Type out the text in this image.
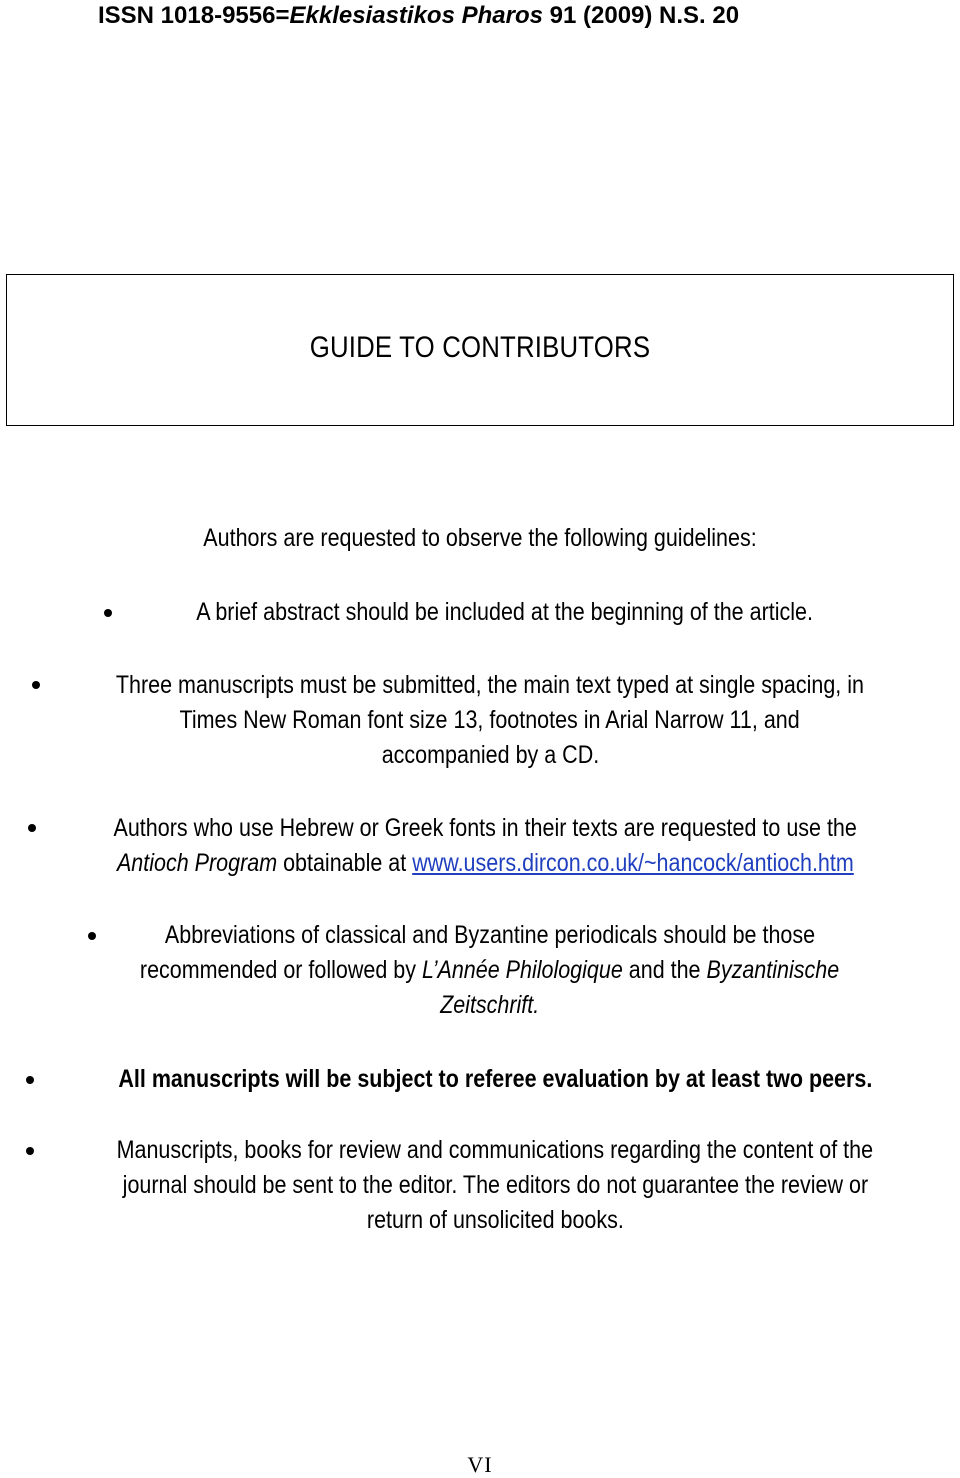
ISSN 1018-9556=Ekklesiastikos Pharos 91 (2009) N.S. 20
GUIDE TO CONTRIBUTORS
Authors are requested to observe the following guidelines:
A brief abstract should be included at the beginning of the article.
Three manuscripts must be submitted, the main text typed at single spacing, in
Times New Roman font size 13, footnotes in Arial Narrow 11, and
accompanied by a CD.
Authors who use Hebrew or Greek fonts in their texts are requested to use the
Antioch Program obtainable at www.users.dircon.co.uk/~hancock/antioch.htm
Abbreviations of classical and Byzantine periodicals should be those
recommended or followed by L’Année Philologique and the Byzantinische
Zeitschrift.
All manuscripts will be subject to referee evaluation by at least two peers.
Manuscripts, books for review and communications regarding the content of the
journal should be sent to the editor. The editors do not guarantee the review or
return of unsolicited books.
VI
